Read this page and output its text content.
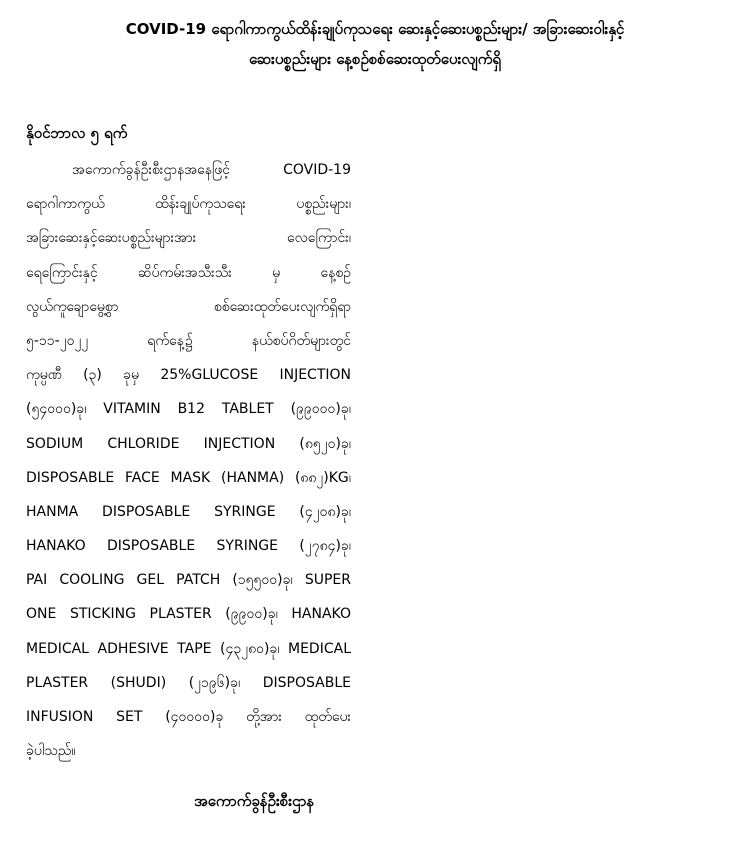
COVID-19 ရောဂါကာကွယ်ထိန်းချုပ်ကုသရေး ဆေးနှင့်ဆေးပစ္စည်းများ/ အခြားဆေးဝါးနှင့်
ဆေးပစ္စည်းများ နေ့စဉ်စစ်ဆေးထုတ်ပေးလျက်ရှိ
နိုဝင်ဘာလ ၅ ရက်
အကောက်ခွန်ဦးစီးဌာနအနေဖြင့် COVID-19
ရောဂါကာကွယ် ထိန်းချုပ်ကုသရေး ပစ္စည်းများ၊
အခြားဆေးနှင့်ဆေးပစ္စည်းများအား လေကြောင်း၊
ရေကြောင်းနှင့် ဆိပ်ကမ်းအသီးသီး မှ နေ့စဉ်
လွယ်ကူချောမွေ့စွာ စစ်ဆေးထုတ်ပေးလျက်ရှိရာ
၅-၁၁-၂၀၂၂ ရက်နေ့၌ နယ်စပ်ဂိတ်များတွင်
ကုမ္ပဏီ (၃) ခုမှ 25%GLUCOSE INJECTION
(၅၄၀၀၀)ခု၊ VITAMIN B12 TABLET (၉၉၀၀၀)ခု၊
SODIUM CHLORIDE INJECTION (၈၅၂၀)ခု၊
DISPOSABLE FACE MASK (HANMA) (၈၈၂)KG၊
HANMA DISPOSABLE SYRINGE (၄၂၀၈)ခု၊
HANAKO DISPOSABLE SYRINGE (၂၇၈၄)ခု၊
PAI COOLING GEL PATCH (၁၅၅၀၀)ခု၊ SUPER
ONE STICKING PLASTER (၉၉၀၀)ခု၊ HANAKO
MEDICAL ADHESIVE TAPE (၄၃၂၈၀)ခု၊ MEDICAL
PLASTER (SHUDI) (၂၁၉၆)ခု၊ DISPOSABLE
INFUSION SET (၄၀၀၀၀)ခု တို့အား ထုတ်ပေး
ခဲ့ပါသည်။
အကောက်ခွန်ဦးစီးဌာန
